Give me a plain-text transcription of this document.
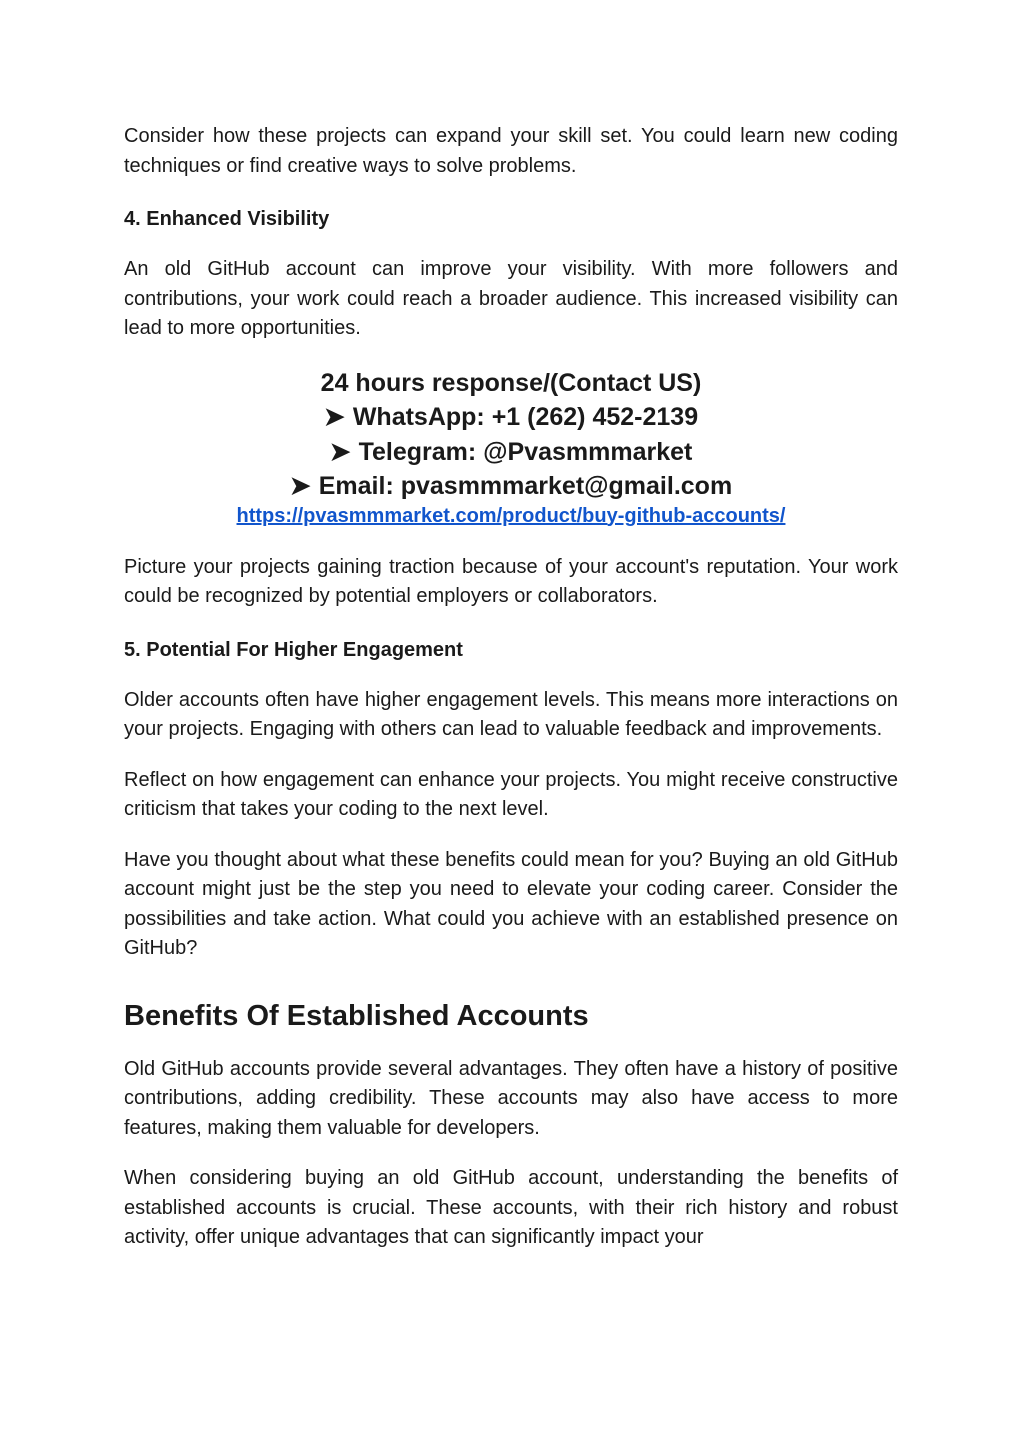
Consider how these projects can expand your skill set. You could learn new coding techniques or find creative ways to solve problems.

4. Enhanced Visibility

An old GitHub account can improve your visibility. With more followers and contributions, your work could reach a broader audience. This increased visibility can lead to more opportunities.

24 hours response/(Contact US)
➤ WhatsApp: +1 (262) 452-2139
➤ Telegram: @Pvasmmmarket
➤ Email: pvasmmmarket@gmail.com
https://pvasmmmarket.com/product/buy-github-accounts/

Picture your projects gaining traction because of your account's reputation. Your work could be recognized by potential employers or collaborators.

5. Potential For Higher Engagement

Older accounts often have higher engagement levels. This means more interactions on your projects. Engaging with others can lead to valuable feedback and improvements.

Reflect on how engagement can enhance your projects. You might receive constructive criticism that takes your coding to the next level.

Have you thought about what these benefits could mean for you? Buying an old GitHub account might just be the step you need to elevate your coding career. Consider the possibilities and take action. What could you achieve with an established presence on GitHub?

Benefits Of Established Accounts

Old GitHub accounts provide several advantages. They often have a history of positive contributions, adding credibility. These accounts may also have access to more features, making them valuable for developers.

When considering buying an old GitHub account, understanding the benefits of established accounts is crucial. These accounts, with their rich history and robust activity, offer unique advantages that can significantly impact your
